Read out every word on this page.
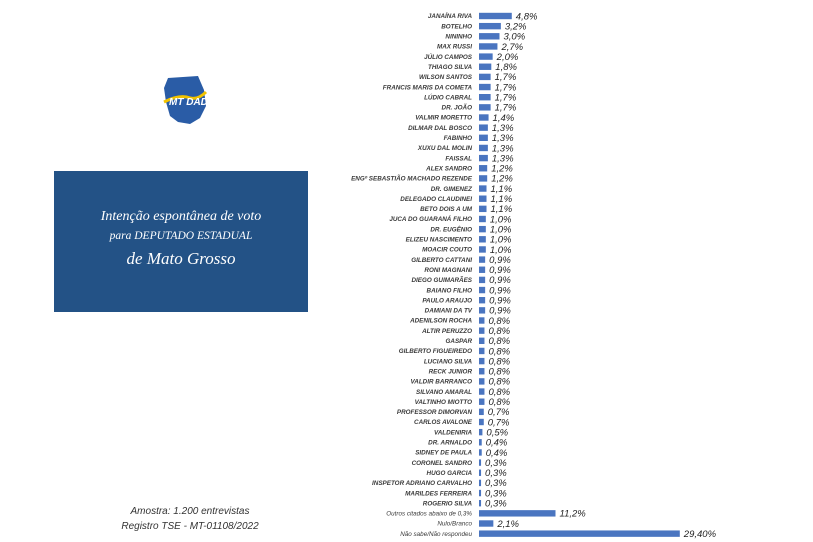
MT DADOS
Intenção espontânea de voto
para DEPUTADO ESTADUAL
de Mato Grosso
JANAÍNA RIVA	4,8%
BOTELHO	3,2%
NININHO	3,0%
MAX RUSSI	2,7%
JÚLIO CAMPOS	2,0%
THIAGO SILVA 1,8%
WILSON SANTOS 1,7%
FRANCIS MARIS DA COMETA 1,7%
LÚDIO CABRAL 1,7%
DR. JOÃO 1,7%
VALMIR MORETTO 1,4%
DILMAR DAL BOSCO 1,3%
FABINHO 1,3%
XUXU DAL MOLIN 1,3%
FAISSAL 1,3%
ALEX SANDRO 1,2%
ENGº SEBASTIÃO MACHADO REZENDE 1,2%
DR. GIMENEZ 1,1%
DELEGADO CLAUDINEI 1,1%
BETO DOIS A UM 1,1%
JUCA DO GUARANÁ FILHO 1,0%
DR. EUGÊNIO 1,0%
ELIZEU NASCIMENTO 1,0%
MOACIR COUTO 1,0%
GILBERTO CATTANI 0,9%
RONI MAGNANI 0,9%
DIEGO GUIMARÃES 0,9%
BAIANO FILHO 0,9%
PAULO ARAUJO 0,9%
DAMIANI DA TV 0,9%
ADENILSON ROCHA 0,8%
ALTIR PERUZZO 0,8%
GASPAR 0,8%
GILBERTO FIGUEIREDO 0,8%
LUCIANO SILVA 0,8%
RECK JUNIOR 0,8%
VALDIR BARRANCO 0,8%
SILVANO AMARAL 0,8%
VALTINHO MIOTTO 0,8%
PROFESSOR DIMORVAN 0,7%
CARLOS AVALONE 0,7%
VALDENIRIA 0,5%
DR. ARNALDO 0,4%
SIDNEY DE PAULA 0,4%
CORONEL SANDRO 0,3%
HUGO GARCIA 0,3%
INSPETOR ADRIANO CARVALHO 0,3%
MARILDES FERREIRA 0,3%
ROGERIO SILVA 0,3%
Outros citados abaixo de 0,3%	11,2%
Nulo/Branco	2,1%
Não sabe/Não respondeu	29,40%
Amostra: 1.200 entrevistas
Registro TSE - MT-01108/2022
